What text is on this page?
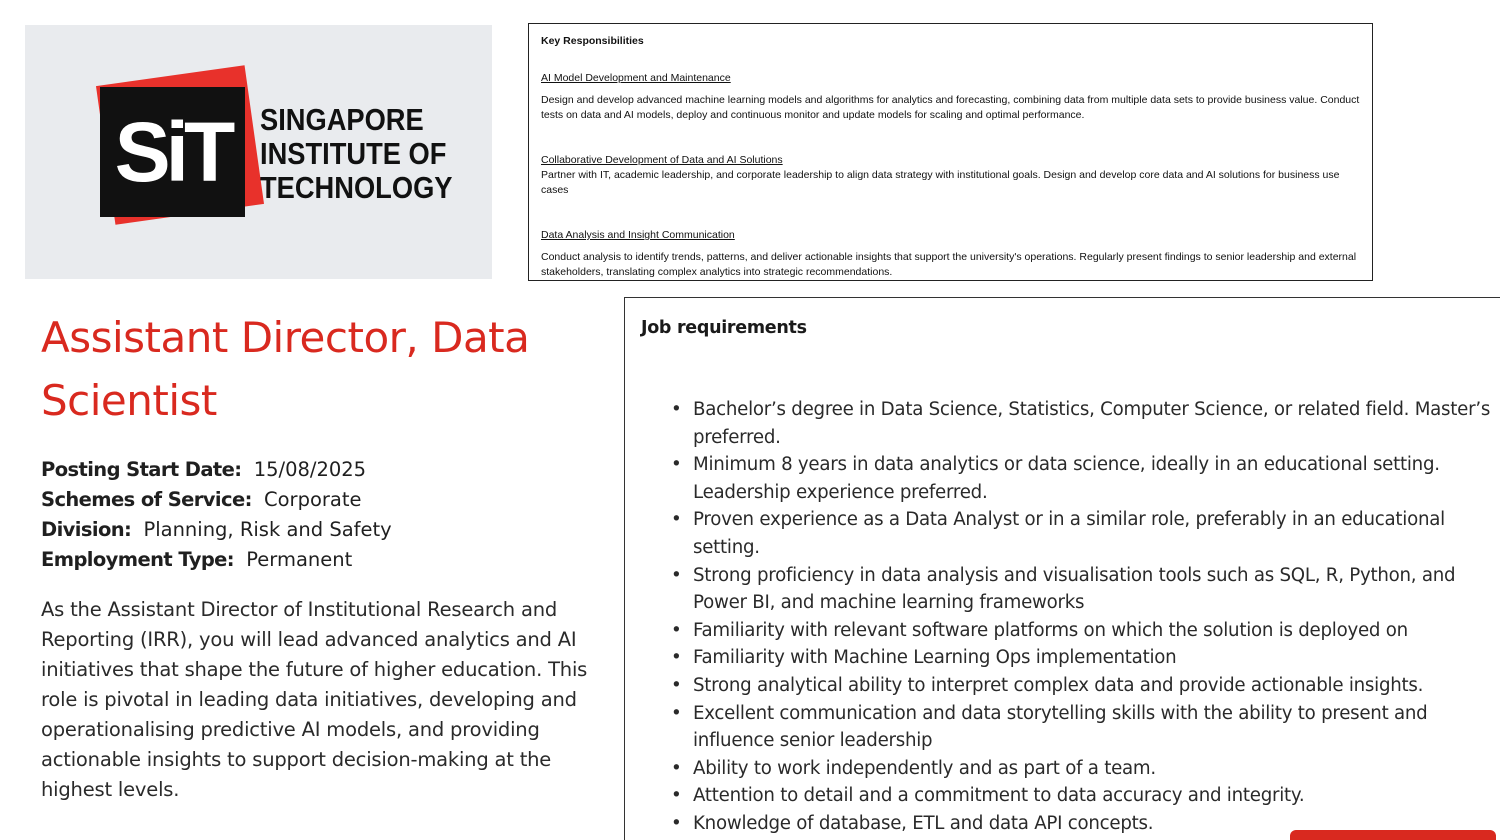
SiT SINGAPORE
INSTITUTE OF
TECHNOLOGY
Key Responsibilities
AI Model Development and Maintenance
Design and develop advanced machine learning models and algorithms for analytics and forecasting, combining data from multiple data sets to provide business value. Conduct tests on data and AI models, deploy and continuous monitor and update models for scaling and optimal performance.
Collaborative Development of Data and AI Solutions
Partner with IT, academic leadership, and corporate leadership to align data strategy with institutional goals. Design and develop core data and AI solutions for business use cases
Data Analysis and Insight Communication
Conduct analysis to identify trends, patterns, and deliver actionable insights that support the university's operations. Regularly present findings to senior leadership and external stakeholders, translating complex analytics into strategic recommendations.
Assistant Director, Data Scientist
Posting Start Date: 15/08/2025
Schemes of Service: Corporate
Division: Planning, Risk and Safety
Employment Type: Permanent

As the Assistant Director of Institutional Research and Reporting (IRR), you will lead advanced analytics and AI initiatives that shape the future of higher education. This role is pivotal in leading data initiatives, developing and operationalising predictive AI models, and providing actionable insights to support decision-making at the highest levels.

Job requirements
• Bachelor’s degree in Data Science, Statistics, Computer Science, or related field. Master’s preferred.
• Minimum 8 years in data analytics or data science, ideally in an educational setting. Leadership experience preferred.
• Proven experience as a Data Analyst or in a similar role, preferably in an educational setting.
• Strong proficiency in data analysis and visualisation tools such as SQL, R, Python, and Power BI, and machine learning frameworks
• Familiarity with relevant software platforms on which the solution is deployed on
• Familiarity with Machine Learning Ops implementation
• Strong analytical ability to interpret complex data and provide actionable insights.
• Excellent communication and data storytelling skills with the ability to present and influence senior leadership
• Ability to work independently and as part of a team.
• Attention to detail and a commitment to data accuracy and integrity.
• Knowledge of database, ETL and data API concepts.
